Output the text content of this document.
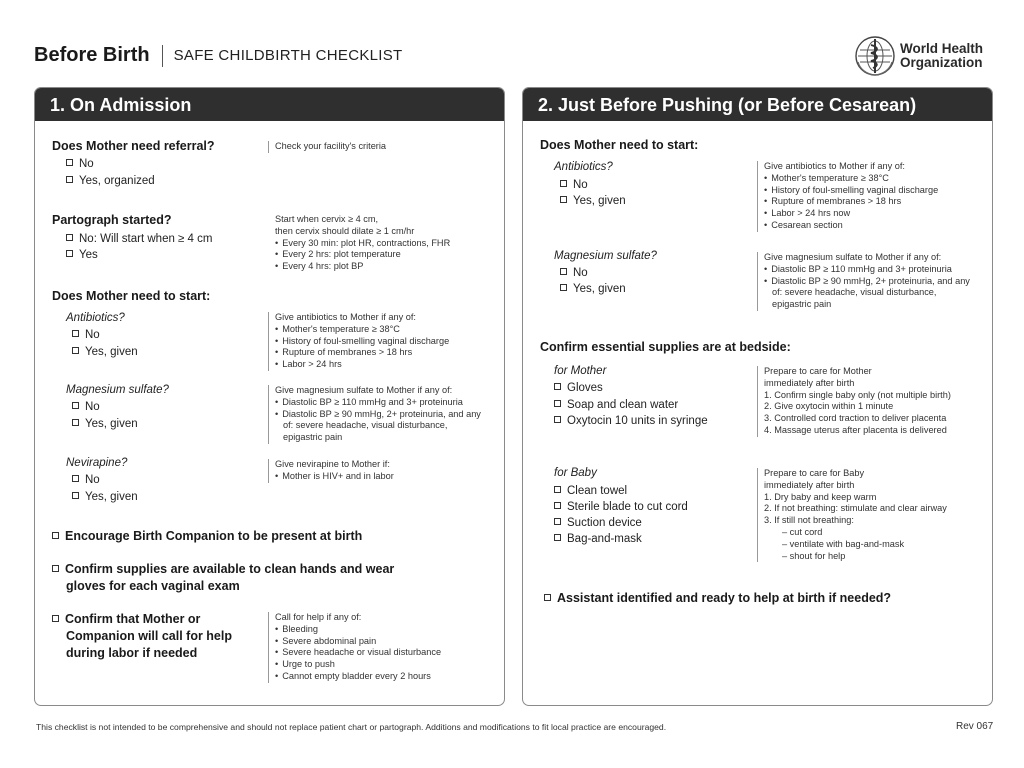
Before Birth SAFE CHILDBIRTH CHECKLIST	World Health
Organization
1. On Admission
Does Mother need referral?
No
Yes, organized
Check your facility's criteria
Partograph started?
No: Will start when ≥ 4 cm
Yes
Start when cervix ≥ 4 cm,
then cervix should dilate ≥ 1 cm/hr
• Every 30 min: plot HR, contractions, FHR
• Every 2 hrs: plot temperature
• Every 4 hrs: plot BP
Does Mother need to start:
Antibiotics?
No
Yes, given
Give antibiotics to Mother if any of:
• Mother's temperature ≥ 38°C
• History of foul-smelling vaginal discharge
• Rupture of membranes > 18 hrs
• Labor > 24 hrs
Magnesium sulfate?
No
Yes, given
Give magnesium sulfate to Mother if any of:
• Diastolic BP ≥ 110 mmHg and 3+ proteinuria
• Diastolic BP ≥ 90 mmHg, 2+ proteinuria, and any of: severe headache, visual disturbance, epigastric pain
Nevirapine?
No
Yes, given
Give nevirapine to Mother if:
• Mother is HIV+ and in labor
Encourage Birth Companion to be present at birth
Confirm supplies are available to clean hands and wear
gloves for each vaginal exam
Confirm that Mother or
Companion will call for help
during labor if needed
Call for help if any of:
• Bleeding
• Severe abdominal pain
• Severe headache or visual disturbance
• Urge to push
• Cannot empty bladder every 2 hours
2. Just Before Pushing (or Before Cesarean)
Does Mother need to start:
Antibiotics?
No
Yes, given
Give antibiotics to Mother if any of:
• Mother's temperature ≥ 38°C
• History of foul-smelling vaginal discharge
• Rupture of membranes > 18 hrs
• Labor > 24 hrs now
• Cesarean section
Magnesium sulfate?
No
Yes, given
Give magnesium sulfate to Mother if any of:
• Diastolic BP ≥ 110 mmHg and 3+ proteinuria
• Diastolic BP ≥ 90 mmHg, 2+ proteinuria, and any of: severe headache, visual disturbance, epigastric pain
Confirm essential supplies are at bedside:
for Mother
Gloves
Soap and clean water
Oxytocin 10 units in syringe
Prepare to care for Mother
immediately after birth
1. Confirm single baby only (not multiple birth)
2. Give oxytocin within 1 minute
3. Controlled cord traction to deliver placenta
4. Massage uterus after placenta is delivered
for Baby
Clean towel
Sterile blade to cut cord
Suction device
Bag-and-mask
Prepare to care for Baby
immediately after birth
1. Dry baby and keep warm
2. If not breathing: stimulate and clear airway
3. If still not breathing:
– cut cord
– ventilate with bag-and-mask
– shout for help
Assistant identified and ready to help at birth if needed?
This checklist is not intended to be comprehensive and should not replace patient chart or partograph. Additions and modifications to fit local practice are encouraged.	Rev 067
